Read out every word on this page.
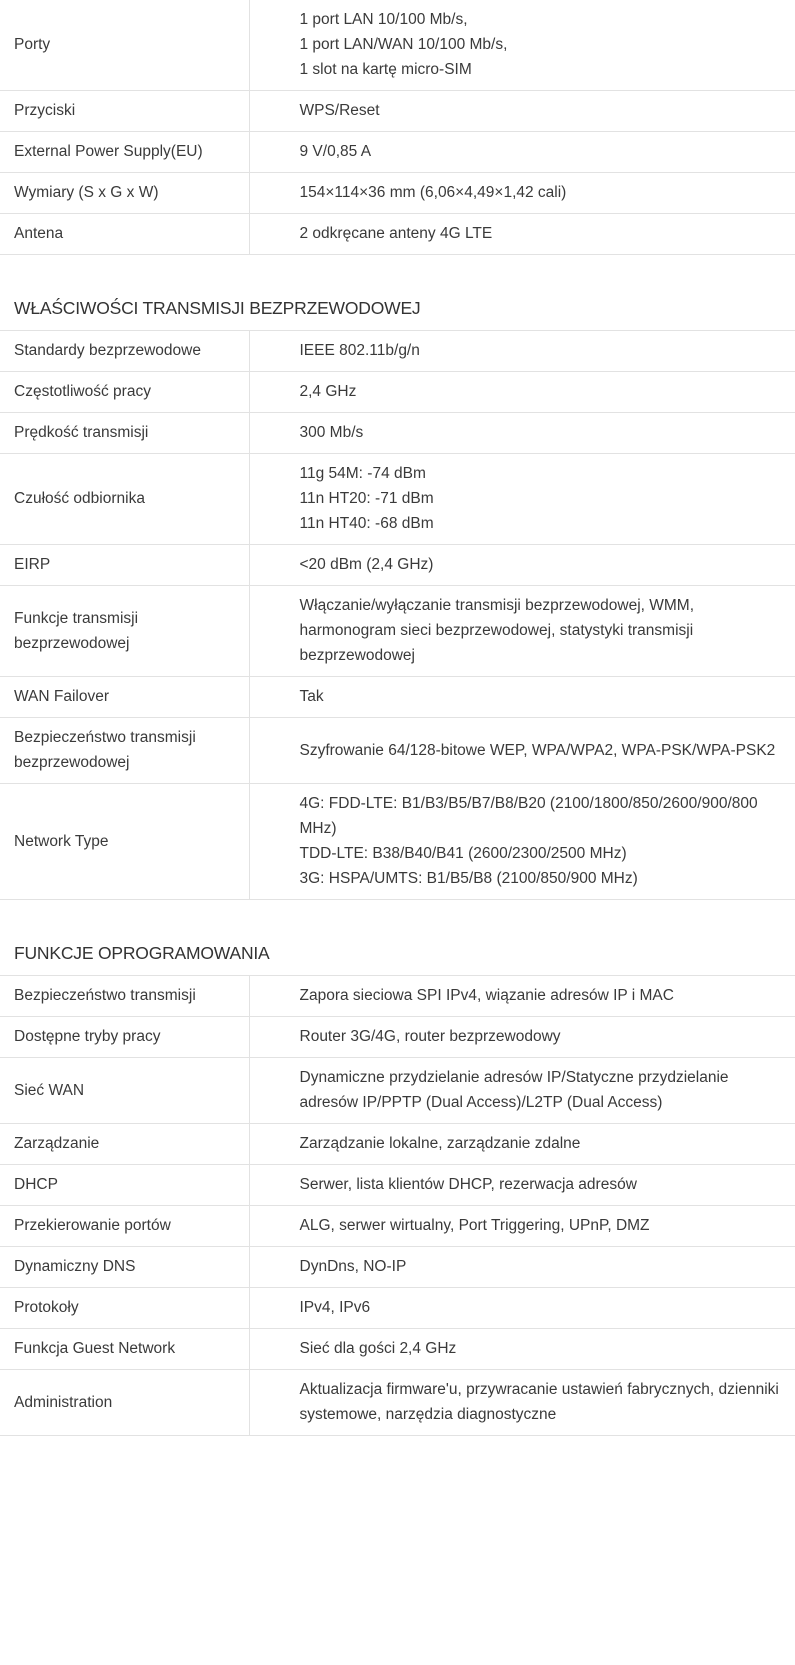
Porty	1 port LAN 10/100 Mb/s,
1 port LAN/WAN 10/100 Mb/s,
1 slot na kartę micro-SIM

Przyciski	WPS/Reset

External Power Supply(EU)	9 V/0,85 A

Wymiary (S x G x W)	154×114×36 mm (6,06×4,49×1,42 cali)

Antena	2 odkręcane anteny 4G LTE
WŁAŚCIWOŚCI TRANSMISJI BEZPRZEWODOWEJ
Standardy bezprzewodowe	IEEE 802.11b/g/n

Częstotliwość pracy	2,4 GHz

Prędkość transmisji	300 Mb/s

Czułość odbiornika	11g 54M: -74 dBm
11n HT20: -71 dBm
11n HT40: -68 dBm

EIRP	<20 dBm (2,4 GHz)

Funkcje transmisji bezprzewodowej	Włączanie/wyłączanie transmisji bezprzewodowej, WMM, harmonogram sieci bezprzewodowej, statystyki transmisji bezprzewodowej

WAN Failover	Tak

Bezpieczeństwo transmisji bezprzewodowej	Szyfrowanie 64/128-bitowe WEP, WPA/WPA2, WPA-PSK/WPA-PSK2

Network Type	4G: FDD-LTE: B1/B3/B5/B7/B8/B20 (2100/1800/850/2600/900/800 MHz)
TDD-LTE: B38/B40/B41 (2600/2300/2500 MHz)
3G: HSPA/UMTS: B1/B5/B8 (2100/850/900 MHz)
FUNKCJE OPROGRAMOWANIA
Bezpieczeństwo transmisji	Zapora sieciowa SPI IPv4, wiązanie adresów IP i MAC

Dostępne tryby pracy	Router 3G/4G, router bezprzewodowy

Sieć WAN	Dynamiczne przydzielanie adresów IP/Statyczne przydzielanie adresów IP/PPTP (Dual Access)/L2TP (Dual Access)

Zarządzanie	Zarządzanie lokalne, zarządzanie zdalne

DHCP	Serwer, lista klientów DHCP, rezerwacja adresów

Przekierowanie portów	ALG, serwer wirtualny, Port Triggering, UPnP, DMZ

Dynamiczny DNS	DynDns, NO-IP

Protokoły	IPv4, IPv6

Funkcja Guest Network	Sieć dla gości 2,4 GHz

Administration	Aktualizacja firmware'u, przywracanie ustawień fabrycznych, dzienniki systemowe, narzędzia diagnostyczne
